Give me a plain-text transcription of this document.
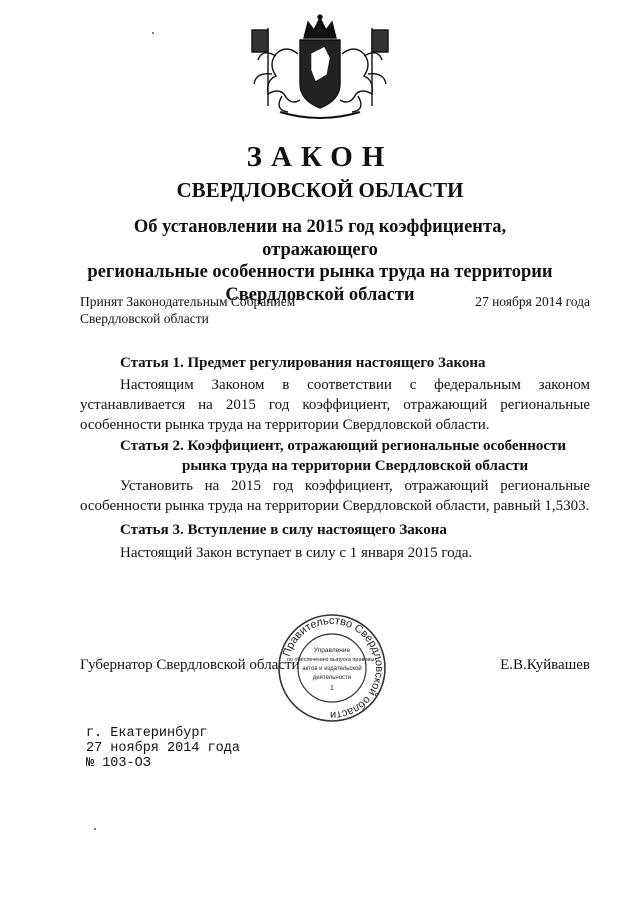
ЗАКОН
СВЕРДЛОВСКОЙ ОБЛАСТИ
Об установлении на 2015 год коэффициента, отражающего
региональные особенности рынка труда на территории
Свердловской области
Принят Законодательным Собранием
Свердловской области
27 ноября 2014 года
Статья 1. Предмет регулирования настоящего Закона
Настоящим Законом в соответствии с федеральным законом устанавливается на 2015 год коэффициент, отражающий региональные особенности рынка труда на территории Свердловской области.
Статья 2. Коэффициент, отражающий региональные особенности
рынка труда на территории Свердловской области
Установить на 2015 год коэффициент, отражающий региональные особенности рынка труда на территории Свердловской области, равный 1,5303.
Статья 3. Вступление в силу настоящего Закона
Настоящий Закон вступает в силу с 1 января 2015 года.
Губернатор Свердловской области	Е.В.Куйвашев
Правительство Свердловской области
Управление
по обеспечению выпуска правовых
актов и издательской
деятельности
1
г. Екатеринбург
27 ноября 2014 года
№ 103-ОЗ
